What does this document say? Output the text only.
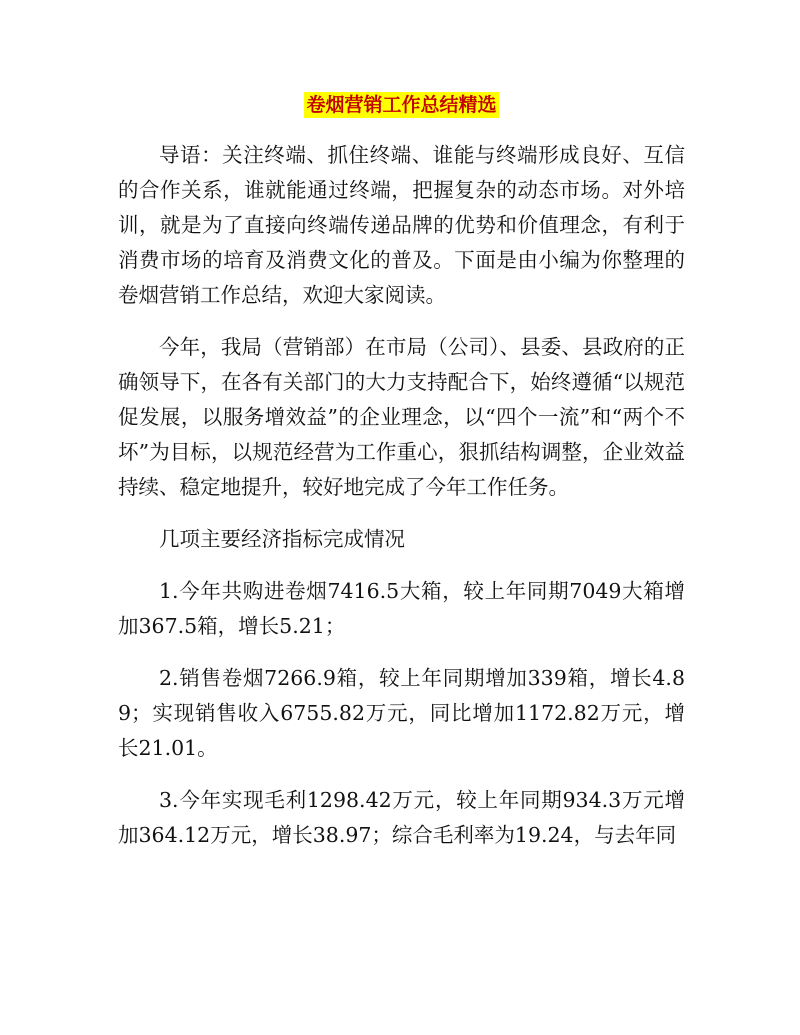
卷烟营销工作总结精选

导语：关注终端、抓住终端、谁能与终端形成良好、互信的合作关系，谁就能通过终端，把握复杂的动态市场。对外培训，就是为了直接向终端传递品牌的优势和价值理念，有利于消费市场的培育及消费文化的普及。下面是由小编为你整理的卷烟营销工作总结，欢迎大家阅读。

今年，我局（营销部）在市局（公司）、县委、县政府的正确领导下，在各有关部门的大力支持配合下，始终遵循“以规范促发展，以服务增效益”的企业理念，以“四个一流”和“两个不坏”为目标，以规范经营为工作重心，狠抓结构调整，企业效益持续、稳定地提升，较好地完成了今年工作任务。

几项主要经济指标完成情况

1.今年共购进卷烟7416.5大箱，较上年同期7049大箱增加367.5箱，增长5.21；

2.销售卷烟7266.9箱，较上年同期增加339箱，增长4.89；实现销售收入6755.82万元，同比增加1172.82万元，增长21.01。

3.今年实现毛利1298.42万元，较上年同期934.3万元增加364.12万元，增长38.97；综合毛利率为19.24，与去年同
